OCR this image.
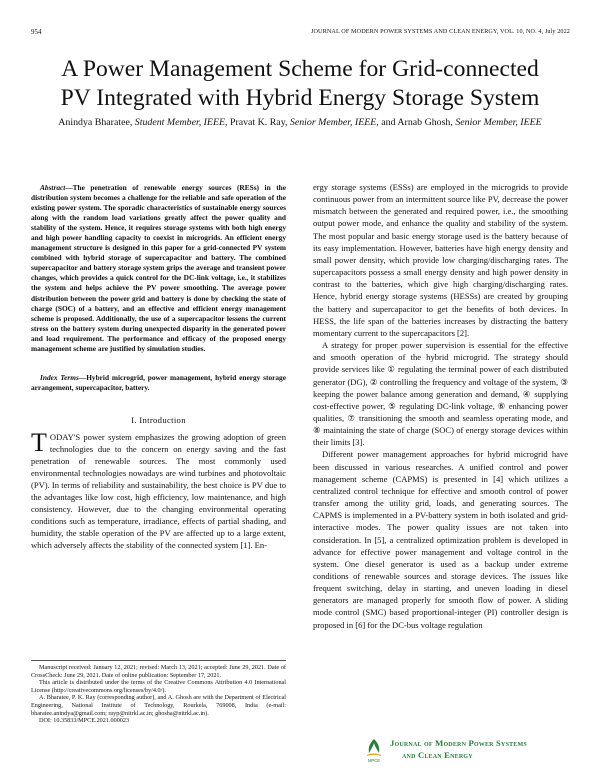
954	JOURNAL OF MODERN POWER SYSTEMS AND CLEAN ENERGY, VOL. 10, NO. 4, July 2022
A Power Management Scheme for Grid-connected
PV Integrated with Hybrid Energy Storage System
Anindya Bharatee, Student Member, IEEE, Pravat K. Ray, Senior Member, IEEE, and Arnab Ghosh, Senior Member, IEEE
Abstract—The penetration of renewable energy sources (RESs) in the distribution system becomes a challenge for the reliable and safe operation of the existing power system. The sporadic characteristics of sustainable energy sources along with the random load variations greatly affect the power quality and stability of the system. Hence, it requires storage systems with both high energy and high power handling capacity to coexist in microgrids. An efficient energy management structure is designed in this paper for a grid-connected PV system combined with hybrid storage of supercapacitor and battery. The combined supercapacitor and battery storage system grips the average and transient power changes, which provides a quick control for the DC-link voltage, i.e., it stabilizes the system and helps achieve the PV power smoothing. The average power distribution between the power grid and battery is done by checking the state of charge (SOC) of a battery, and an effective and efficient energy management scheme is proposed. Additionally, the use of a supercapacitor lessens the current stress on the battery system during unexpected disparity in the generated power and load requirement. The performance and efficacy of the proposed energy management scheme are justified by simulation studies.
Index Terms—Hybrid microgrid, power management, hybrid energy storage arrangement, supercapacitor, battery.
I. Introduction
TODAY'S power system emphasizes the growing adoption of green technologies due to the concern on energy saving and the fast penetration of renewable sources. The most commonly used environmental technologies nowadays are wind turbines and photovoltaic (PV). In terms of reliability and sustainability, the best choice is PV due to the advantages like low cost, high efficiency, low maintenance, and high consistency. However, due to the changing environmental operating conditions such as temperature, irradiance, effects of partial shading, and humidity, the stable operation of the PV are affected up to a large extent, which adversely affects the stability of the connected system [1]. En-

Manuscript received: January 12, 2021; revised: March 13, 2021; accepted: June 29, 2021. Date of CrossCheck: June 29, 2021. Date of online publication: September 17, 2021.

This article is distributed under the terms of the Creative Commons Attribution 4.0 International License (http://creativecommons.org/licenses/by/4.0/).

A. Bharatee, P. K. Ray (corresponding author), and A. Ghosh are with the Department of Electrical Engineering, National Institute of Technology, Rourkela, 769008, India (e-mail: bharatee.anindya@gmail.com; rayp@nitrkl.ac.in; ghosha@nitrkl.ac.in).

DOI: 10.35833/MPCE.2021.000023

ergy storage systems (ESSs) are employed in the microgrids to provide continuous power from an intermittent source like PV, decrease the power mismatch between the generated and required power, i.e., the smoothing output power mode, and enhance the quality and stability of the system. The most popular and basic energy storage used is the battery because of its easy implementation. However, batteries have high energy density and small power density, which provide low charging/discharging rates. The supercapacitors possess a small energy density and high power density in contrast to the batteries, which give high charging/discharging rates. Hence, hybrid energy storage systems (HESSs) are created by grouping the battery and supercapacitor to get the benefits of both devices. In HESS, the life span of the batteries increases by distracting the battery momentary current to the supercapacitors [2].

A strategy for proper power supervision is essential for the effective and smooth operation of the hybrid microgrid. The strategy should provide services like ① regulating the terminal power of each distributed generator (DG), ② controlling the frequency and voltage of the system, ③ keeping the power balance among generation and demand, ④ supplying cost-effective power, ⑤ regulating DC-link voltage, ⑥ enhancing power qualities, ⑦ transitioning the smooth and seamless operating mode, and ⑧ maintaining the state of charge (SOC) of energy storage devices within their limits [3].

Different power management approaches for hybrid microgrid have been discussed in various researches. A unified control and power management scheme (CAPMS) is presented in [4] which utilizes a centralized control technique for effective and smooth control of power transfer among the utility grid, loads, and generating sources. The CAPMS is implemented in a PV-battery system in both isolated and grid-interactive modes. The power quality issues are not taken into consideration. In [5], a centralized optimization problem is developed in advance for effective power management and voltage control in the system. One diesel generator is used as a backup under extreme conditions of renewable sources and storage devices. The issues like frequent switching, delay in starting, and uneven loading in diesel generators are managed properly for smooth flow of power. A sliding mode control (SMC) based proportional-integer (PI) controller design is proposed in [6] for the DC-bus voltage regulation

MPCE
Journal of Modern Power Systems
and Clean Energy
